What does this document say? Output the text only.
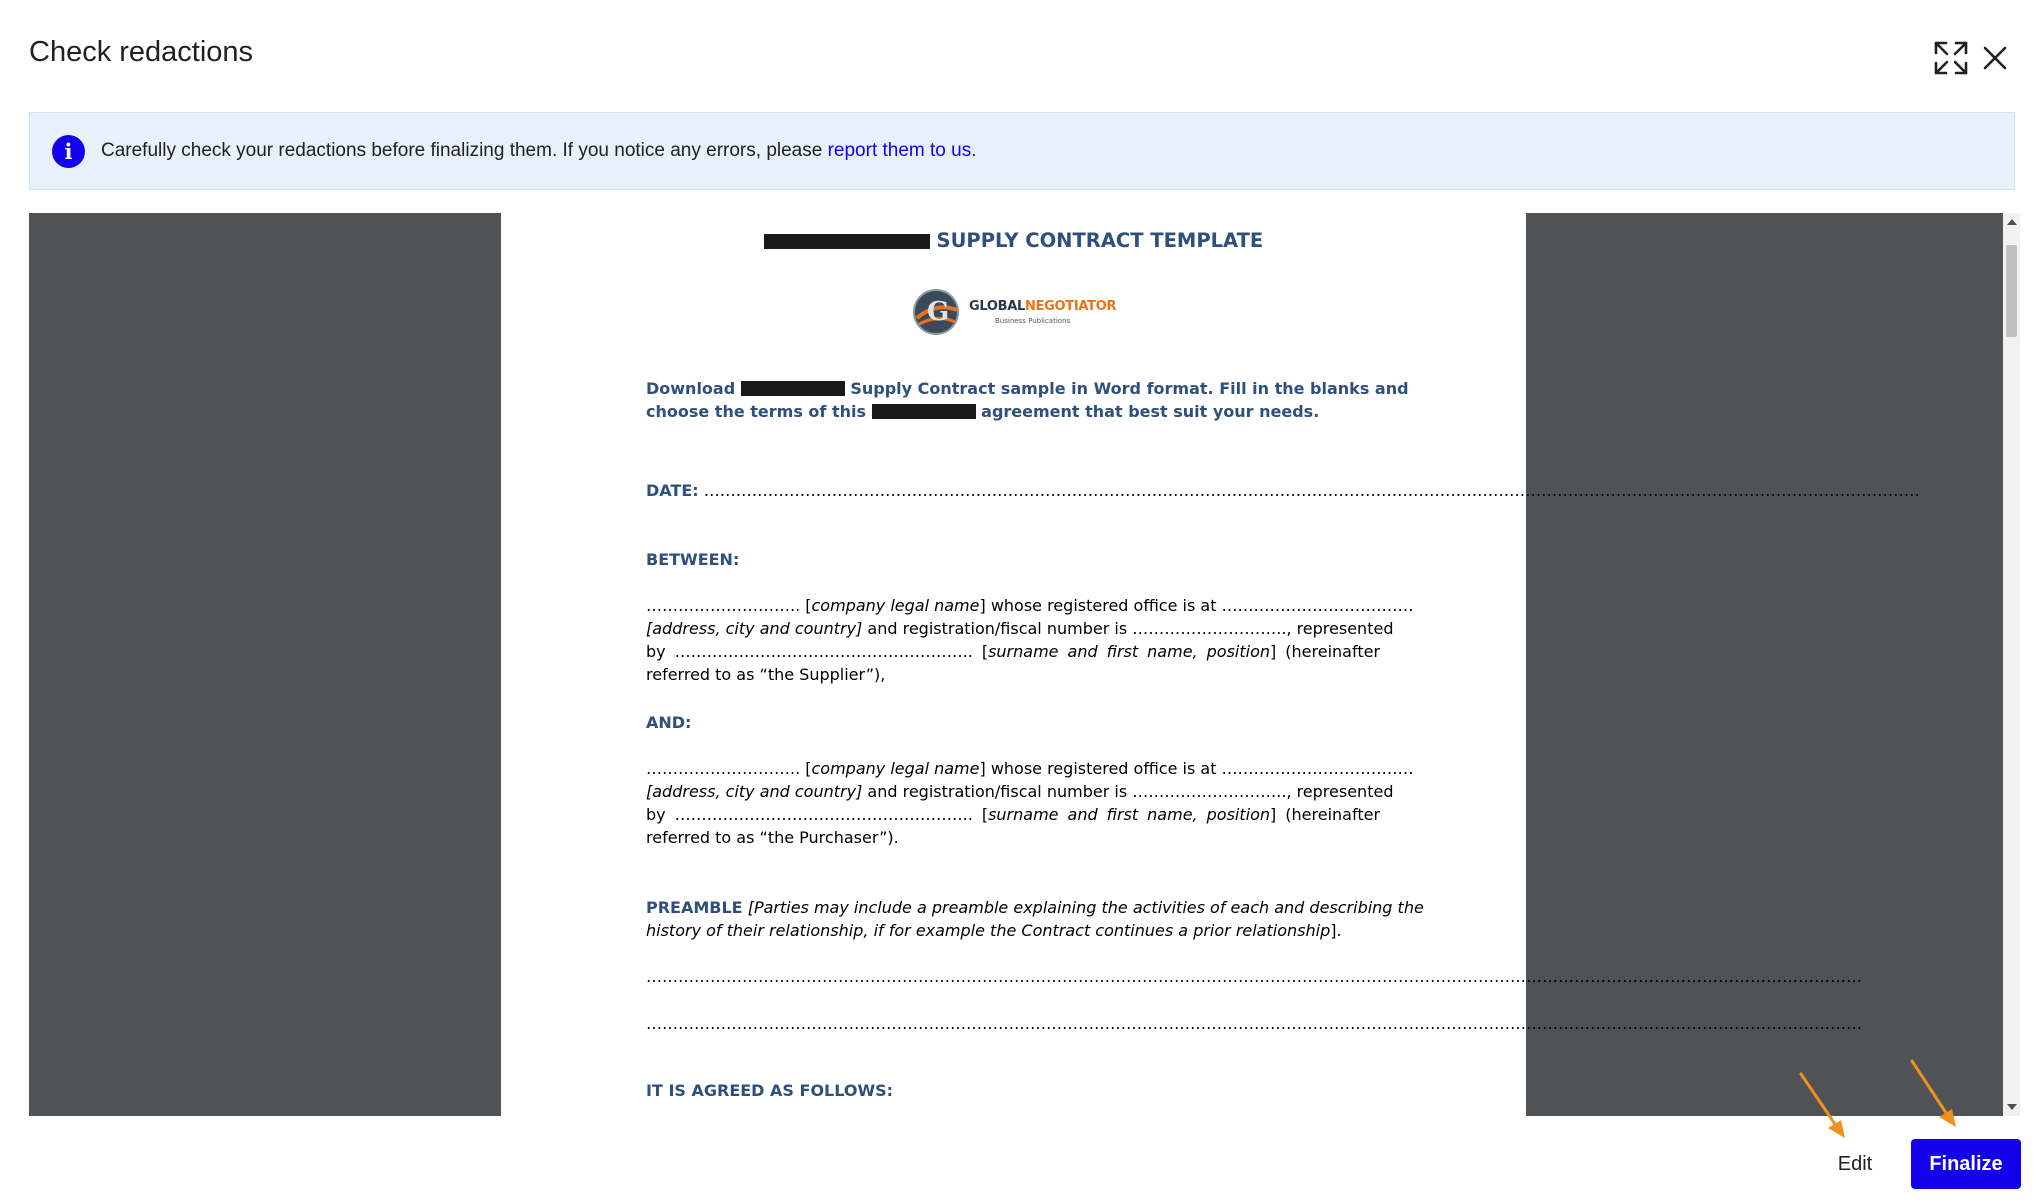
Check redactions
i	Carefully check your redactions before finalizing them. If you notice any errors, please report them to us.
SUPPLY CONTRACT TEMPLATE
G GLOBALNEGOTIATOR
Business Publications
Download	Supply Contract sample in Word format. Fill in the blanks and
choose the terms of this	agreement that best suit your needs.
DATE: …………………………………………………………………………………………………………………………………………………………………………………………………………
BETWEEN:
……………………….. [company legal name] whose registered office is at ………………………………
[address, city and country] and registration/fiscal number is ……………………….., represented
by ……………………………………………….. [surname and first name, position] (hereinafter
referred to as “the Supplier”),
AND:
……………………….. [company legal name] whose registered office is at ………………………………
[address, city and country] and registration/fiscal number is ……………………….., represented
by ……………………………………………….. [surname and first name, position] (hereinafter
referred to as “the Purchaser”).
PREAMBLE [Parties may include a preamble explaining the activities of each and describing the
history of their relationship, if for example the Contract continues a prior relationship].
…………………………………………………………………………………………………………………………………………………………………………………………………………
…………………………………………………………………………………………………………………………………………………………………………………………………………
IT IS AGREED AS FOLLOWS:
Edit	Finalize
